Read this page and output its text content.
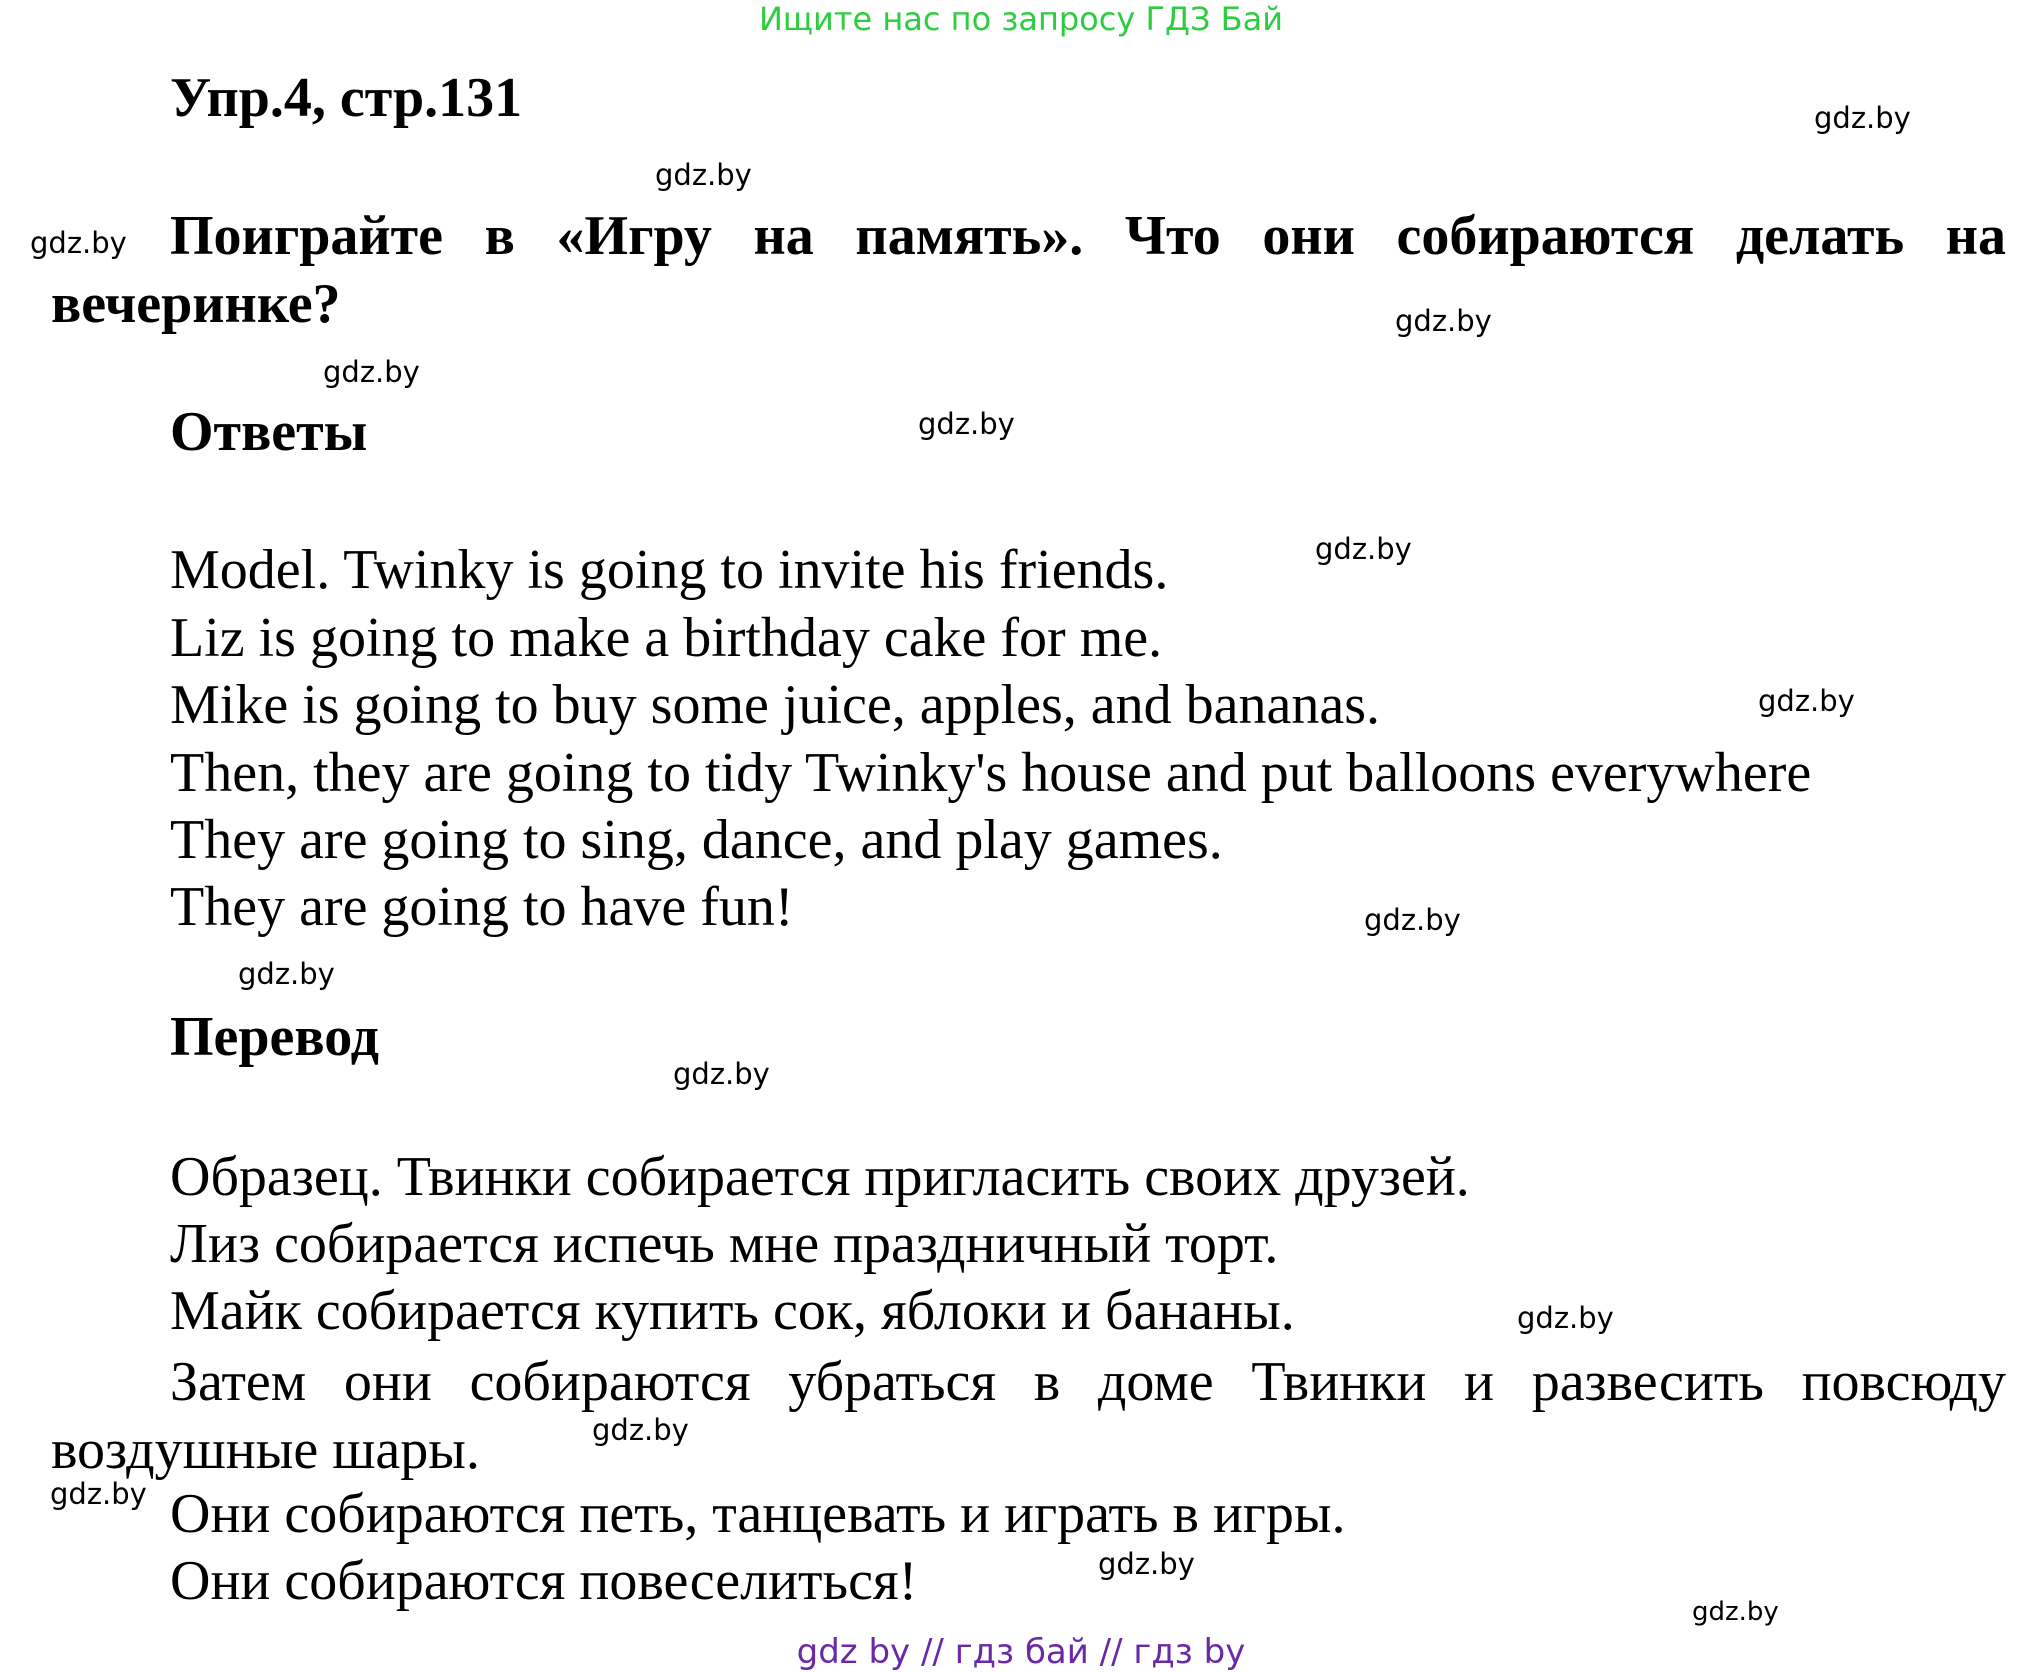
Ищите нас по запросу ГДЗ Бай
Упр.4, стр.131

Поиграйте в «Игру на память». Что они собираются делать на вечеринке?

Ответы
Model. Twinky is going to invite his friends.
Liz is going to make a birthday cake for me.
Mike is going to buy some juice, apples, and bananas.
Then, they are going to tidy Twinky's house and put balloons everywhere
They are going to sing, dance, and play games.
They are going to have fun!
Перевод
Образец. Твинки собирается пригласить своих друзей.
Лиз собирается испечь мне праздничный торт.
Майк собирается купить сок, яблоки и бананы.

Затем они собираются убраться в доме Твинки и развесить повсюду воздушные шары.

Они собираются петь, танцевать и играть в игры.
Они собираются повеселиться!
gdz.by
gdz.by
gdz.by
gdz.by
gdz.by
gdz.by
gdz.by
gdz.by
gdz.by
gdz.by
gdz.by
gdz.by
gdz.by
gdz.by
gdz.by
gdz.by
gdz by // гдз бай // гдз by
